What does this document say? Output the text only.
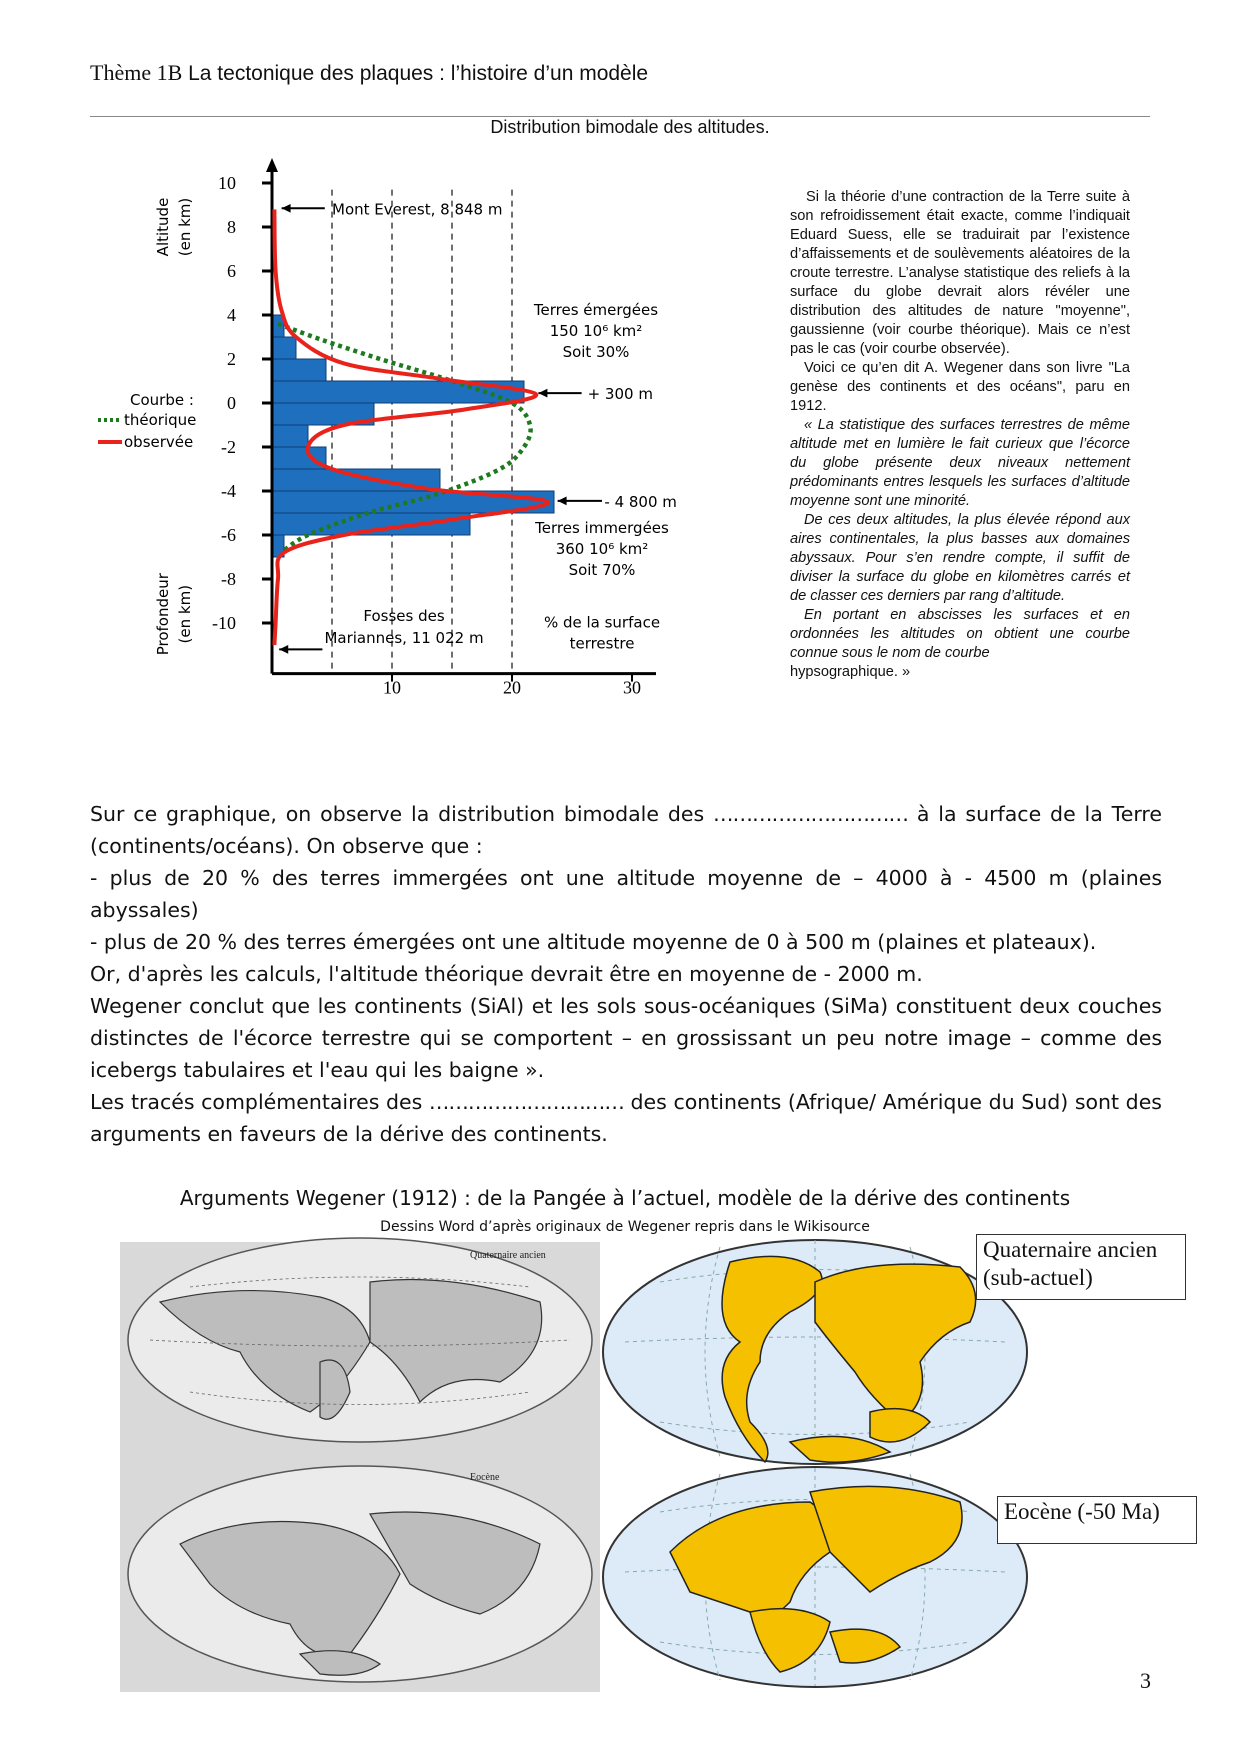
Thème 1B La tectonique des plaques : l’histoire d’un modèle
Distribution bimodale des altitudes.
10
8
6
4
2
0
-2
-4
-6
-8
-10
10	20	30
Mont Everest, 8 848 m
Fosses des
Mariannes, 11 022 m
+ 300 m
- 4 800 m
Terres émergées
150 10⁶ km²
Soit 30%
Terres immergées
360 10⁶ km²
Soit 70%
% de la surface
terrestre
Altitude (en km)
Profondeur (en km)
Courbe :
théorique
observée

Si la théorie d’une contraction de la Terre suite à son refroidissement était exacte, comme l’indiquait Eduard Suess, elle se traduirait par l’existence d’affaissements et de soulèvements aléatoires de la croute terrestre. L’analyse statistique des reliefs à la surface du globe devrait alors révéler une distribution des altitudes de nature "moyenne", gaussienne (voir courbe théorique). Mais ce n’est pas le cas (voir courbe observée).

Voici ce qu’en dit A. Wegener dans son livre "La genèse des continents et des océans", paru en 1912.

« La statistique des surfaces terrestres de même altitude met en lumière le fait curieux que l’écorce du globe présente deux niveaux nettement prédominants entres lesquels les surfaces d’altitude moyenne sont une minorité.

De ces deux altitudes, la plus élevée répond aux aires continentales, la plus basses aux domaines abyssaux. Pour s’en rendre compte, il suffit de diviser la surface du globe en kilomètres carrés et de classer ces derniers par rang d’altitude.

En portant en abscisses les surfaces et en ordonnées les altitudes on obtient une courbe connue sous le nom de courbe

hypsographique. »

Sur ce graphique, on observe la distribution bimodale des ………………………… à la surface de la Terre (continents/océans). On observe que :

- plus de 20 % des terres immergées ont une altitude moyenne de – 4000 à - 4500 m (plaines abyssales)

- plus de 20 % des terres émergées ont une altitude moyenne de 0 à 500 m (plaines et plateaux).

Or, d'après les calculs, l'altitude théorique devrait être en moyenne de - 2000 m.

Wegener conclut que les continents (SiAl) et les sols sous-océaniques (SiMa) constituent deux couches distinctes de l'écorce terrestre qui se comportent – en grossissant un peu notre image – comme des icebergs tabulaires et l'eau qui les baigne ».

Les tracés complémentaires des ………………………… des continents (Afrique/ Amérique du Sud) sont des arguments en faveurs de la dérive des continents.

Arguments Wegener (1912) : de la Pangée à l’actuel, modèle de la dérive des continents
Dessins Word d’après originaux de Wegener repris dans le Wikisource
Quaternaire ancien
Eocène
Quaternaire ancien
(sub-actuel)
Eocène (-50 Ma)
3
